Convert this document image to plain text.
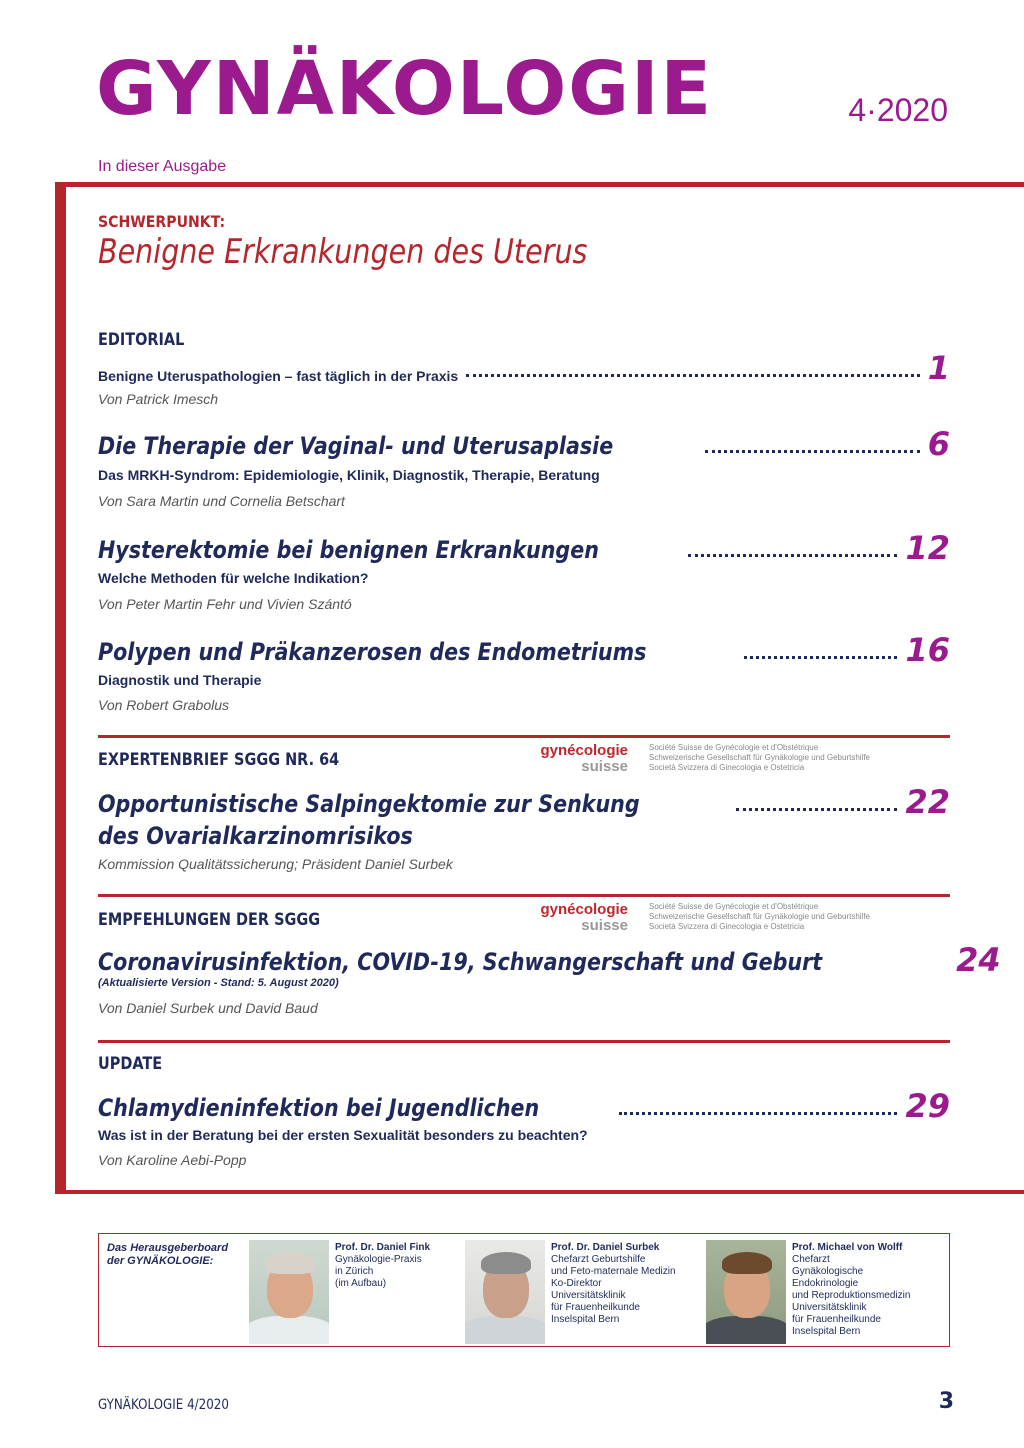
GYNÄKOLOGIE	4·2020
In dieser Ausgabe
SCHWERPUNKT:
Benigne Erkrankungen des Uterus
EDITORIAL
Benigne Uteruspathologien – fast täglich in der Praxis	1
Von Patrick Imesch
Die Therapie der Vaginal- und Uterusaplasie	6
Das MRKH-Syndrom: Epidemiologie, Klinik, Diagnostik, Therapie, Beratung
Von Sara Martin und Cornelia Betschart
Hysterektomie bei benignen Erkrankungen	12
Welche Methoden für welche Indikation?
Von Peter Martin Fehr und Vivien Szántó
Polypen und Präkanzerosen des Endometriums	16
Diagnostik und Therapie
Von Robert Grabolus
EXPERTENBRIEF SGGG NR. 64	gynécologie
suisse
Société Suisse de Gynécologie et d'Obstétrique
Schweizerische Gesellschaft für Gynäkologie und Geburtshilfe
Società Svizzera di Ginecologia e Ostetricia
Opportunistische Salpingektomie zur Senkung	22
des Ovarialkarzinomrisikos
Kommission Qualitätssicherung; Präsident Daniel Surbek
EMPFEHLUNGEN DER SGGG
gynécologie
suisse
Société Suisse de Gynécologie et d'Obstétrique
Schweizerische Gesellschaft für Gynäkologie und Geburtshilfe
Società Svizzera di Ginecologia e Ostetricia
Coronavirusinfektion, COVID-19, Schwangerschaft und Geburt	24
(Aktualisierte Version - Stand: 5. August 2020)
Von Daniel Surbek und David Baud
UPDATE
Chlamydieninfektion bei Jugendlichen	29
Was ist in der Beratung bei der ersten Sexualität besonders zu beachten?
Von Karoline Aebi-Popp
Das Herausgeberboard
der GYNÄKOLOGIE:
Prof. Dr. Daniel Fink
Gynäkologie-Praxis
in Zürich
(im Aufbau)
Prof. Dr. Daniel Surbek
Chefarzt Geburtshilfe
und Feto-maternale Medizin
Ko-Direktor
Universitätsklinik
für Frauenheilkunde
Inselspital Bern
Prof. Michael von Wolff
Chefarzt
Gynäkologische Endokrinologie
und Reproduktionsmedizin
Universitätsklinik
für Frauenheilkunde
Inselspital Bern
GYNÄKOLOGIE 4/2020	3
